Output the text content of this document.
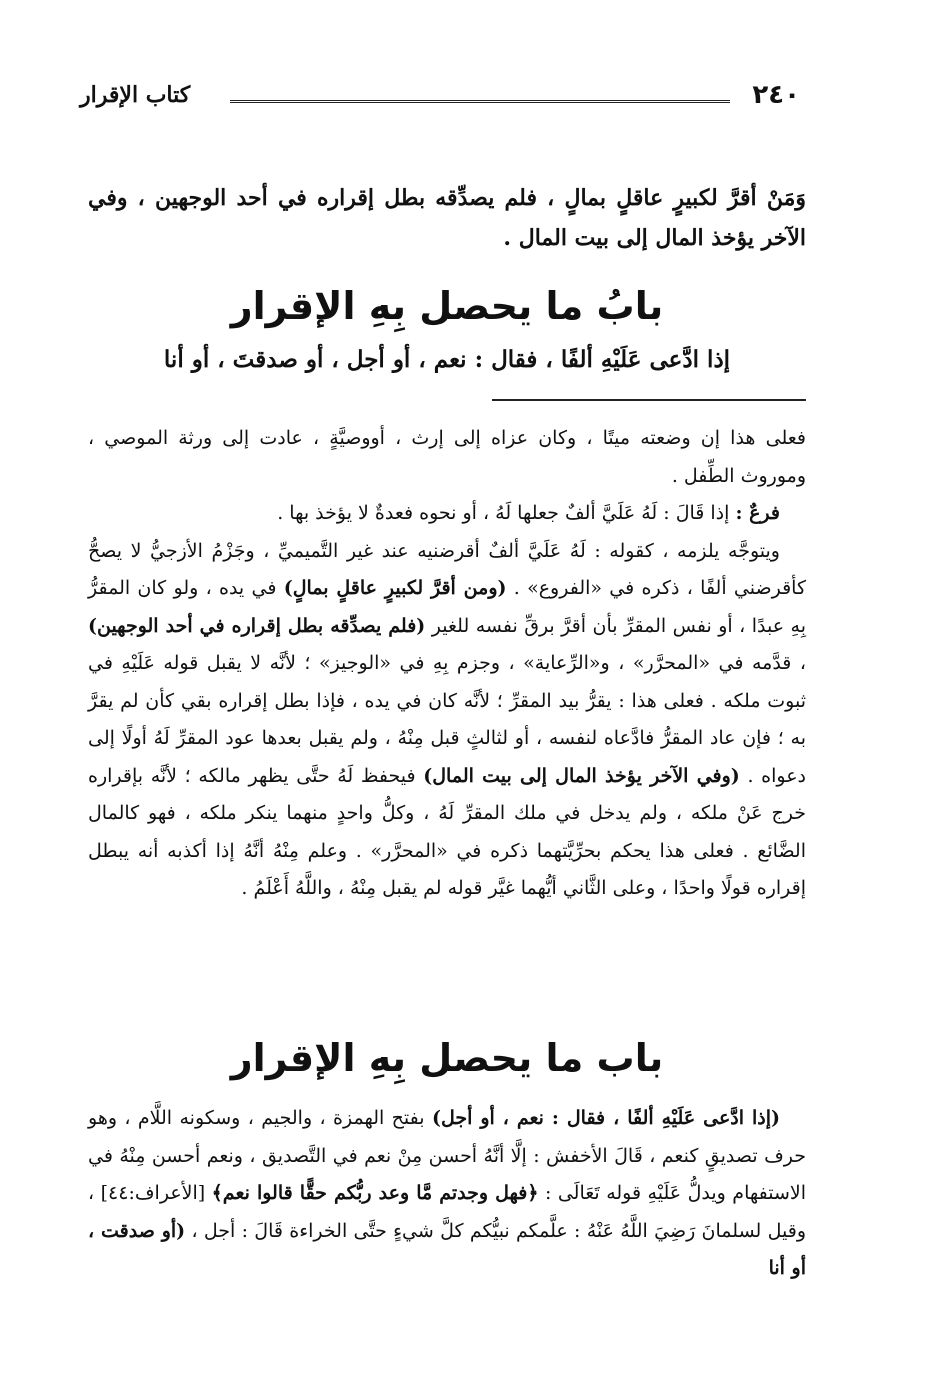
٢٤٠
كتاب الإقرار
وَمَنْ أقرَّ لكبيرٍ عاقلٍ بمالٍ ، فلم يصدِّقه بطل إقراره في أحد الوجهين ، وفي الآخر يؤخذ المال إلى بيت المال .
بابُ ما يحصل بِهِ الإقرار
إذا ادَّعى عَلَيْهِ ألفًا ، فقال : نعم ، أو أجل ، أو صدقتَ ، أو أنا

فعلى هذا إن وضعته ميتًا ، وكان عزاه إلى إرث ، أووصيَّةٍ ، عادت إلى ورثة الموصي ، وموروث الطِّفل .

فرعٌ : إذا قَالَ : لَهُ عَلَيَّ ألفٌ جعلها لَهُ ، أو نحوه فعدةٌ لا يؤخذ بها .

ويتوجَّه يلزمه ، كقوله : لَهُ عَلَيَّ ألفٌ أقرضنيه عند غير التَّميميِّ ، وجَزْمُ الأزجيُّ لا يصحُّ كأقرضني ألفًا ، ذكره في «الفروع» . (ومن أقرَّ لكبيرٍ عاقلٍ بمالٍ) في يده ، ولو كان المقرُّ بِهِ عبدًا ، أو نفس المقرِّ بأن أقرَّ برقِّ نفسه للغير (فلم يصدِّقه بطل إقراره في أحد الوجهين) ، قدَّمه في «المحرَّر» ، و«الرِّعاية» ، وجزم بِهِ في «الوجيز» ؛ لأنَّه لا يقبل قوله عَلَيْهِ في ثبوت ملكه . فعلى هذا : يقرُّ بيد المقرِّ ؛ لأنَّه كان في يده ، فإذا بطل إقراره بقي كأن لم يقرَّ به ؛ فإن عاد المقرُّ فادَّعاه لنفسه ، أو لثالثٍ قبل مِنْهُ ، ولم يقبل بعدها عود المقرِّ لَهُ أولًا إلى دعواه . (وفي الآخر يؤخذ المال إلى بيت المال) فيحفظ لَهُ حتَّى يظهر مالكه ؛ لأنَّه بإقراره خرج عَنْ ملكه ، ولم يدخل في ملك المقرِّ لَهُ ، وكلُّ واحدٍ منهما ينكر ملكه ، فهو كالمال الضَّائع . فعلى هذا يحكم بحرِّيَّتهما ذكره في «المحرَّر» . وعلم مِنْهُ أنَّهُ إذا أكذبه أنه يبطل إقراره قولًا واحدًا ، وعلى الثَّاني أيُّهما غيَّر قوله لم يقبل مِنْهُ ، واللَّهُ أَعْلَمُ .

باب ما يحصل بِهِ الإقرار

(إذا ادَّعى عَلَيْهِ ألفًا ، فقال : نعم ، أو أجل) بفتح الهمزة ، والجيم ، وسكونه اللَّام ، وهو حرف تصديقٍ كنعم ، قَالَ الأخفش : إلَّا أنَّهُ أحسن مِنْ نعم في التَّصديق ، ونعم أحسن مِنْهُ في الاستفهام ويدلُّ عَلَيْهِ قوله تَعَالَى : ﴿فهل وجدتم مَّا وعد ربُّكم حقًّا قالوا نعم﴾ [الأعراف:٤٤] ، وقيل لسلمانَ رَضِيَ اللَّهُ عَنْهُ : علَّمكم نبيُّكم كلَّ شيءٍ حتَّى الخراءة قَالَ : أجل ، (أو صدقت ، أو أنا
